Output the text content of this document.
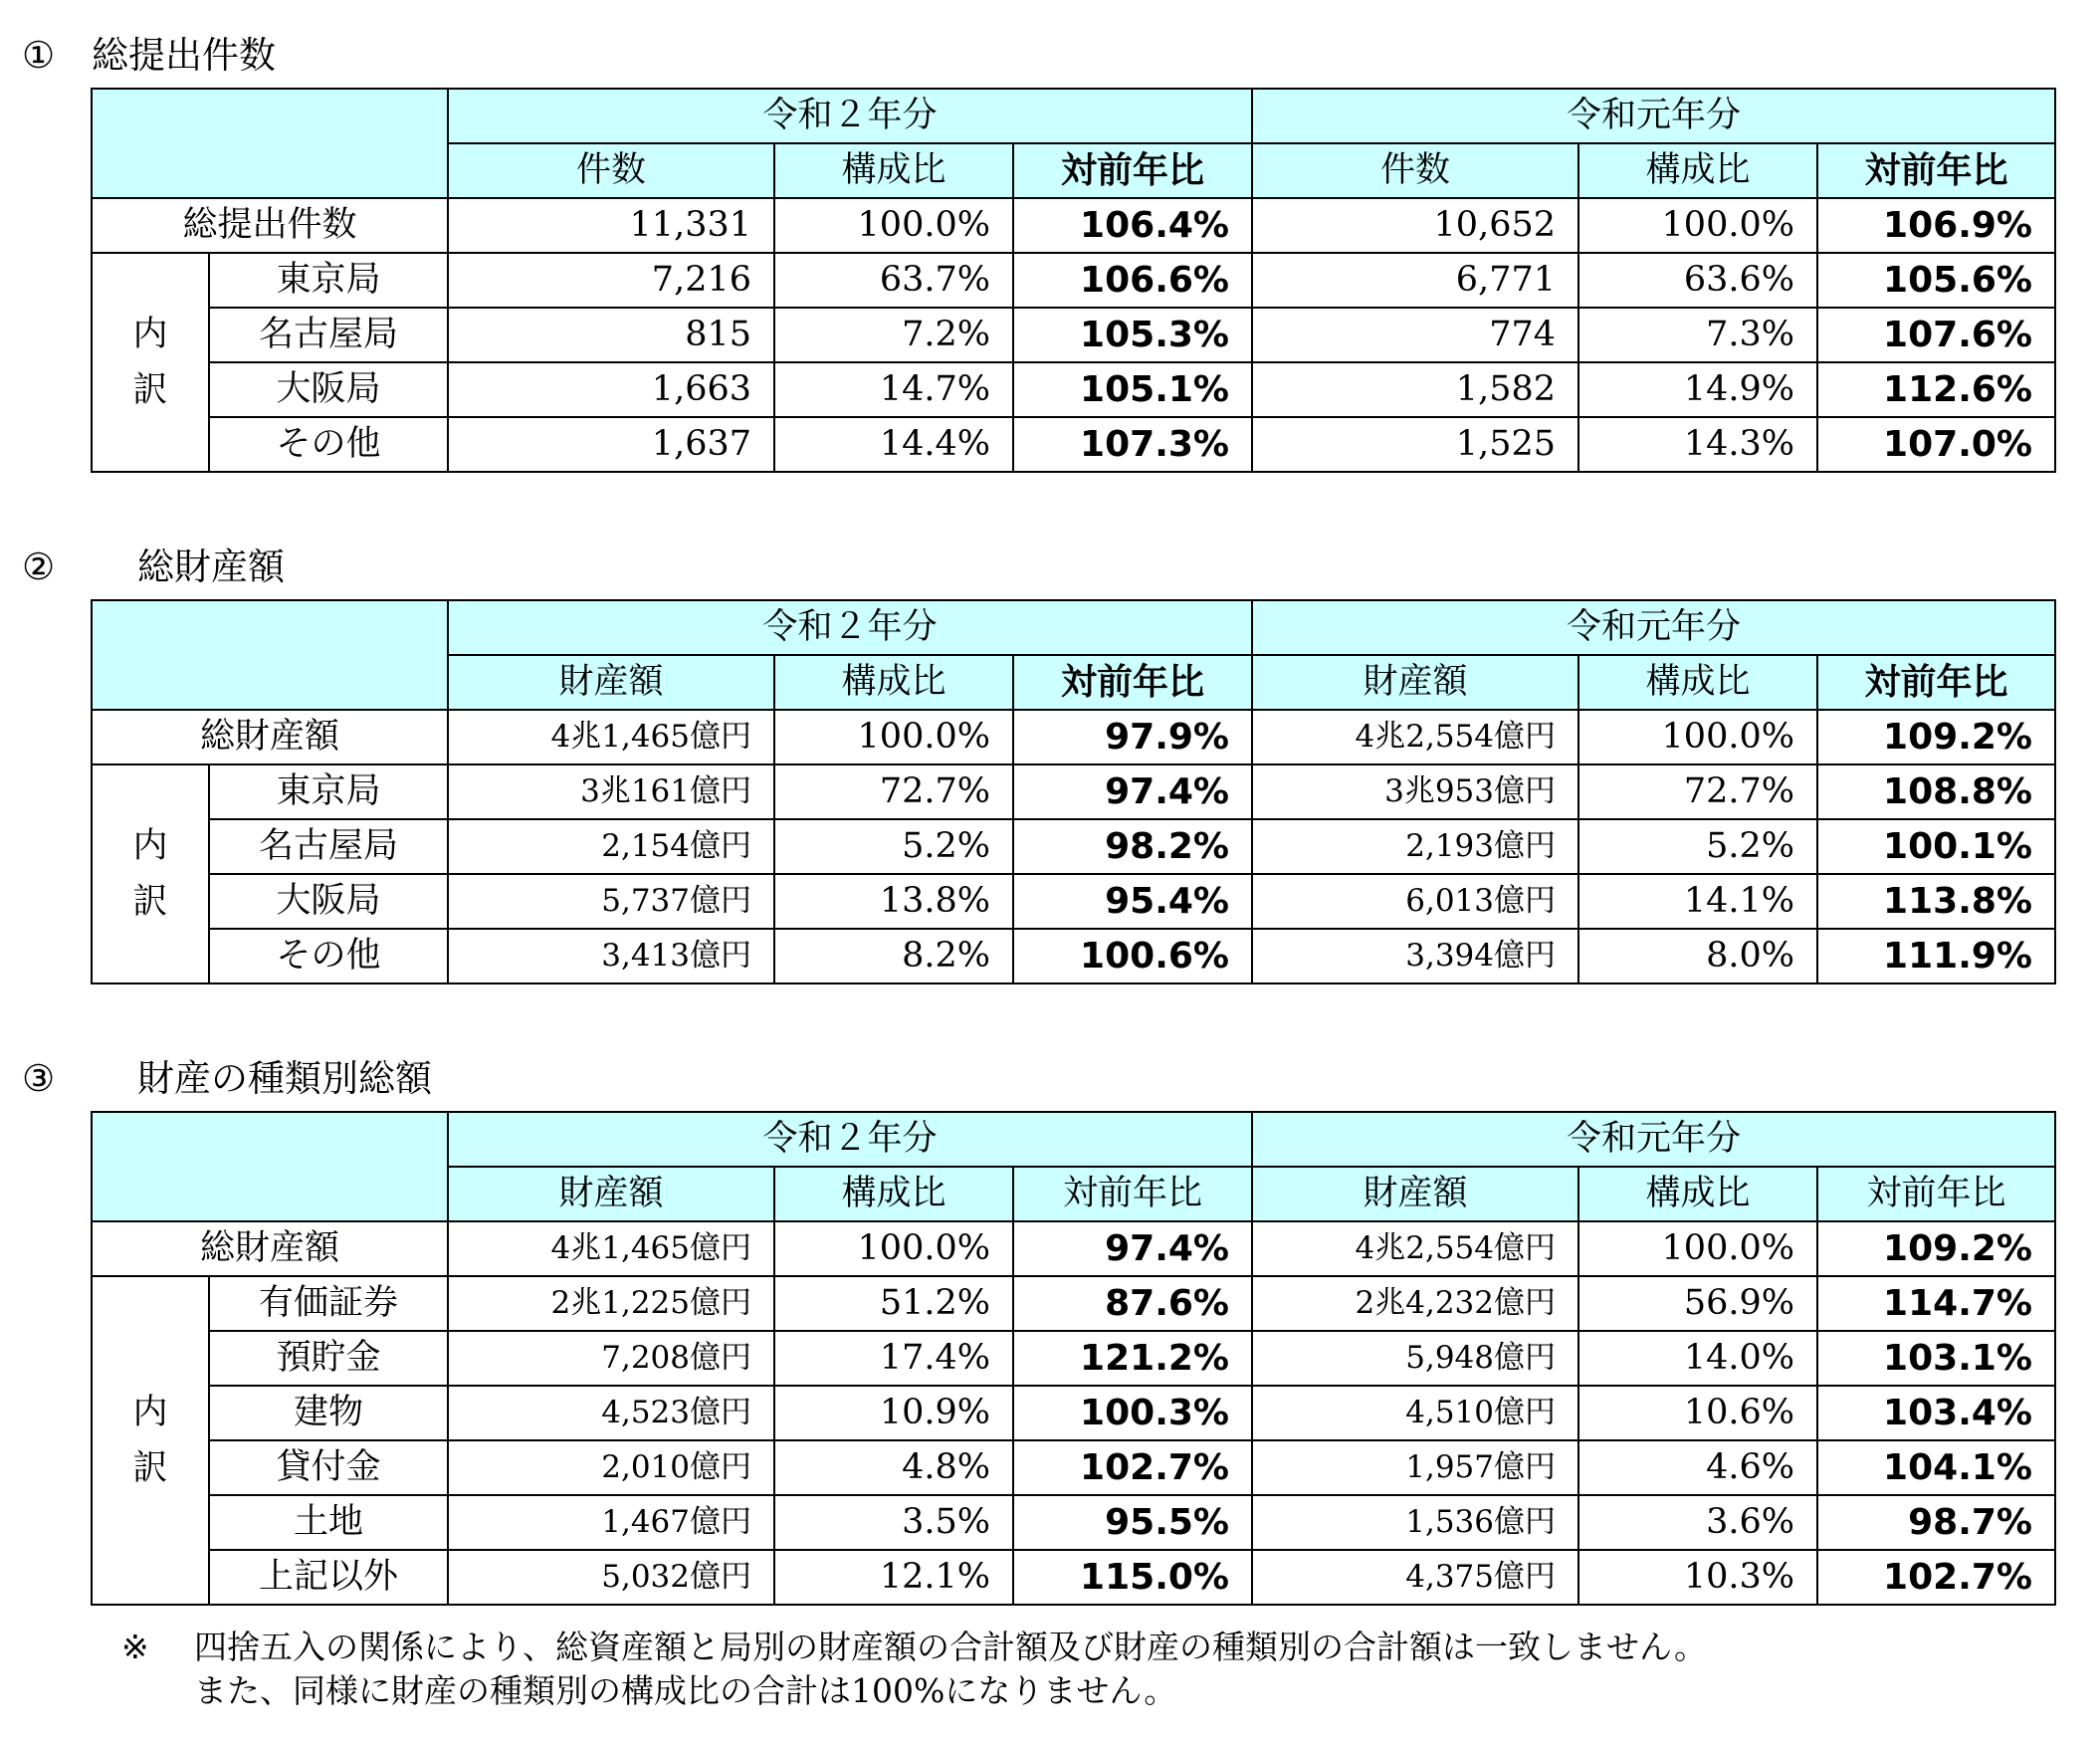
① 総提出件数
		令和２年分			令和元年分		
		件数	構成比	対前年比	件数	構成比	対前年比
総提出件数		11,331	100.0%	106.4%	10,652	100.0%	106.9%
内訳	東京局	7,216	63.7%	106.6%	6,771	63.6%	105.6%
	名古屋局	815	7.2%	105.3%	774	7.3%	107.6%
	大阪局	1,663	14.7%	105.1%	1,582	14.9%	112.6%
	その他	1,637	14.4%	107.3%	1,525	14.3%	107.0%
② 総財産額
		令和２年分			令和元年分		
		財産額	構成比	対前年比	財産額	構成比	対前年比
総財産額		4兆1,465億円	100.0%	97.9%	4兆2,554億円	100.0%	109.2%
内訳	東京局	3兆161億円	72.7%	97.4%	3兆953億円	72.7%	108.8%
	名古屋局	2,154億円	5.2%	98.2%	2,193億円	5.2%	100.1%
	大阪局	5,737億円	13.8%	95.4%	6,013億円	14.1%	113.8%
	その他	3,413億円	8.2%	100.6%	3,394億円	8.0%	111.9%
③ 財産の種類別総額
		令和２年分			令和元年分		
		財産額	構成比	対前年比	財産額	構成比	対前年比
総財産額		4兆1,465億円	100.0%	97.4%	4兆2,554億円	100.0%	109.2%
内訳	有価証券	2兆1,225億円	51.2%	87.6%	2兆4,232億円	56.9%	114.7%
	預貯金	7,208億円	17.4%	121.2%	5,948億円	14.0%	103.1%
	建物	4,523億円	10.9%	100.3%	4,510億円	10.6%	103.4%
	貸付金	2,010億円	4.8%	102.7%	1,957億円	4.6%	104.1%
	土地	1,467億円	3.5%	95.5%	1,536億円	3.6%	98.7%
	上記以外	5,032億円	12.1%	115.0%	4,375億円	10.3%	102.7%
※ 四捨五入の関係により、総資産額と局別の財産額の合計額及び財産の種類別の合計額は一致しません。
また、同様に財産の種類別の構成比の合計は100%になりません。
